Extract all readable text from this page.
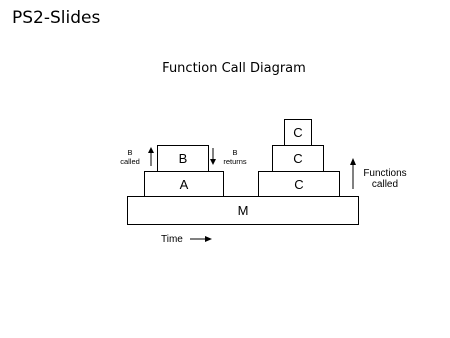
PS2-Slides
Function Call Diagram
M
A
B
C
C
C
B
called
B
returns
Functions
called
Time
